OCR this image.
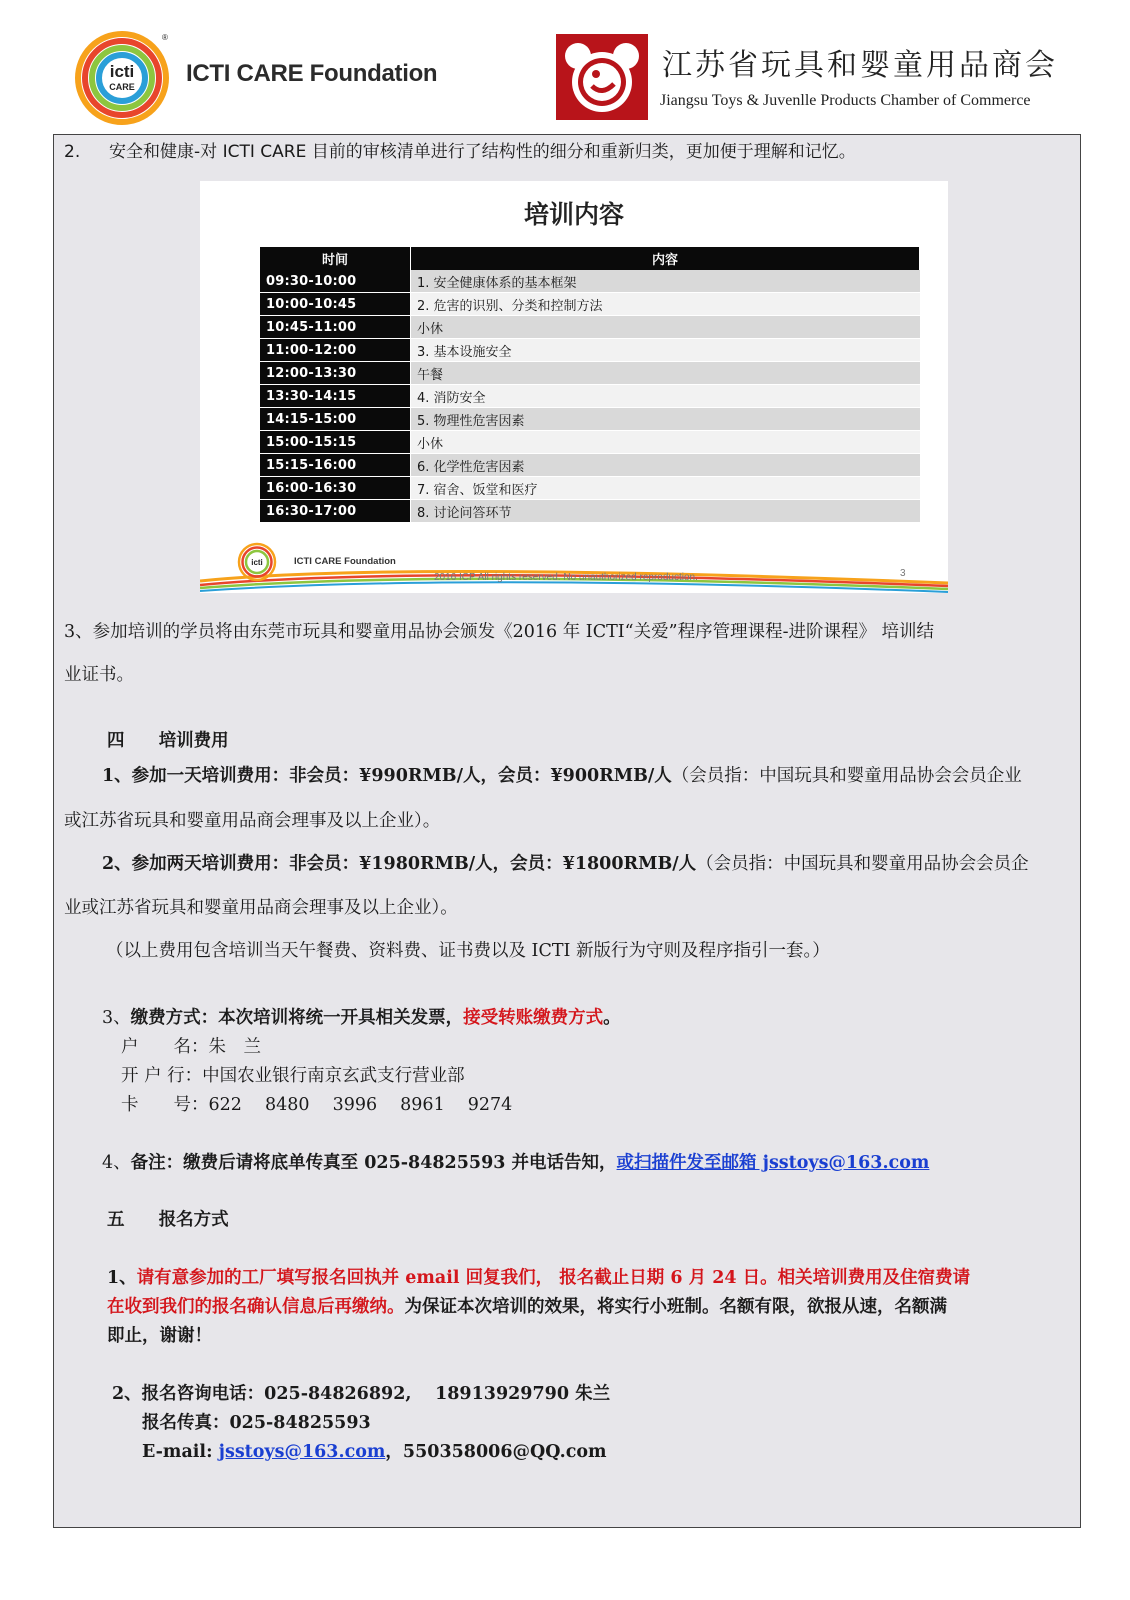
icti
CARE
®
ICTI CARE Foundation	江苏省玩具和婴童用品商会
Jiangsu Toys & Juvenlle Products Chamber of Commerce
2. 安全和健康-对 ICTI CARE 目前的审核清单进行了结构性的细分和重新归类，更加便于理解和记忆。
培训内容
时间	内容
09:30-10:00	1. 安全健康体系的基本框架
10:00-10:45	2. 危害的识别、分类和控制方法
10:45-11:00	小休
11:00-12:00	3. 基本设施安全
12:00-13:30	午餐
13:30-14:15	4. 消防安全
14:15-15:00	5. 物理性危害因素
15:00-15:15	小休
15:15-16:00	6. 化学性危害因素
16:00-16:30	7. 宿舍、饭堂和医疗
16:30-17:00	8. 讨论问答环节
icti	ICTI CARE Foundation
2016 ICP All rights reserved. No unauthorized reproduction.	3
3、参加培训的学员将由东莞市玩具和婴童用品协会颁发《2016 年 ICTI“关爱”程序管理课程-进阶课程》 培训结
业证书。
四 培训费用
1、参加一天培训费用：非会员：¥990RMB/人，会员：¥900RMB/人（会员指：中国玩具和婴童用品协会会员企业
或江苏省玩具和婴童用品商会理事及以上企业）。
2、参加两天培训费用：非会员：¥1980RMB/人，会员：¥1800RMB/人（会员指：中国玩具和婴童用品协会会员企
业或江苏省玩具和婴童用品商会理事及以上企业）。
（以上费用包含培训当天午餐费、资料费、证书费以及 ICTI 新版行为守则及程序指引一套。）
3、缴费方式：本次培训将统一开具相关发票，接受转账缴费方式。
户　　名：朱　兰
开 户 行：中国农业银行南京玄武支行营业部
卡　　号：622　 8480　 3996　 8961　 9274
4、备注：缴费后请将底单传真至 025-84825593 并电话告知，或扫描件发至邮箱 jsstoys@163.com
五 报名方式
1、请有意参加的工厂填写报名回执并 email 回复我们， 报名截止日期 6 月 24 日。相关培训费用及住宿费请
在收到我们的报名确认信息后再缴纳。为保证本次培训的效果，将实行小班制。名额有限，欲报从速，名额满
即止，谢谢！
2、报名咨询电话：025-84826892,　 18913929790 朱兰
报名传真：025-84825593
E-mail: jsstoys@163.com，550358006@QQ.com
